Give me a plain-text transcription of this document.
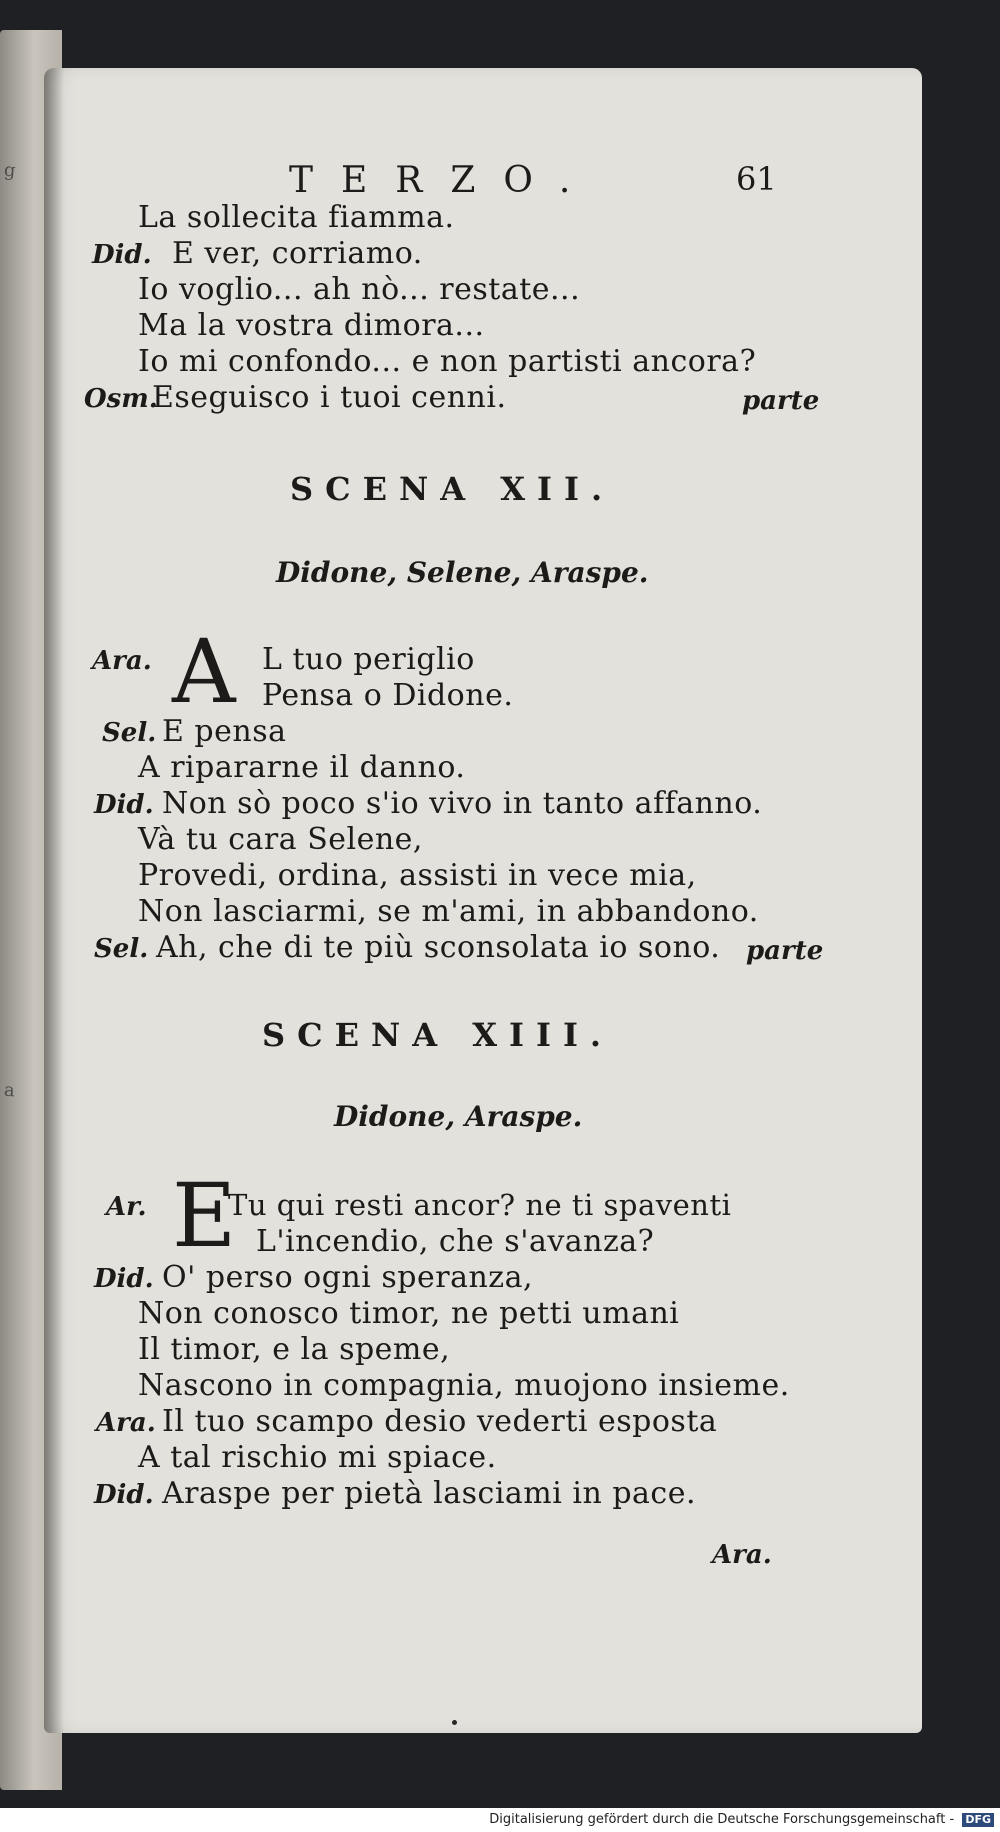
g
a
TERZO.	61
La sollecita fiamma.
Did. E ver, corriamo.
Io voglio... ah nò... restate...
Ma la vostra dimora...
Io mi confondo... e non partisti ancora?
Osm.
Eseguisco i tuoi cenni.	parte
SCENA XII.
Didone, Selene, Araspe.
Ara. A L tuo periglio
Pensa o Didone.
Sel. E pensa
A ripararne il danno.
Did. Non sò poco s'io vivo in tanto affanno.
Và tu cara Selene,
Provedi, ordina, assisti in vece mia,
Non lasciarmi, se m'ami, in abbandono.
Sel. Ah, che di te più sconsolata io sono. parte
SCENA XIII.
Didone, Araspe.
Ar. E
Tu qui resti ancor? ne ti spaventi
L'incendio, che s'avanza?
Did. O' perso ogni speranza,
Non conosco timor, ne petti umani
Il timor, e la speme,
Nascono in compagnia, muojono insieme.
Ara. Il tuo scampo desio vederti esposta
A tal rischio mi spiace.
Did. Araspe per pietà lasciami in pace.
Ara.
Digitalisierung gefördert durch die Deutsche Forschungsgemeinschaft - DFG
